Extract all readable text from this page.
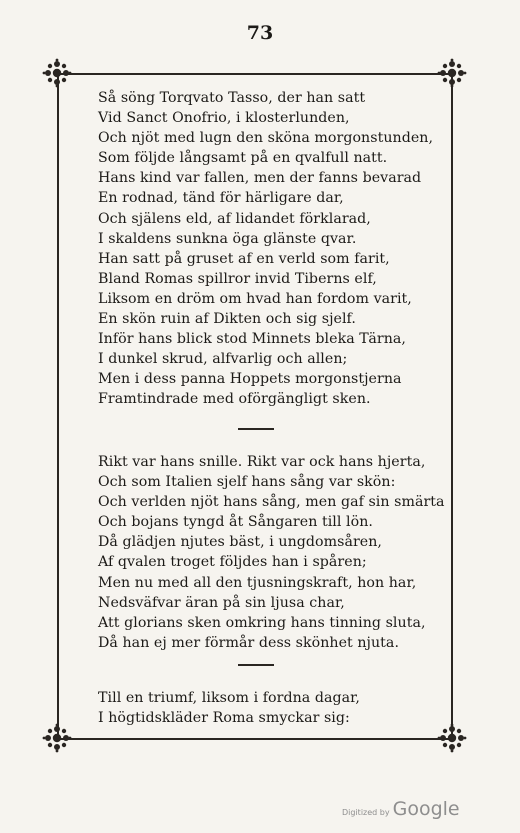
73
Så söng Torqvato Tasso, der han satt
Vid Sanct Onofrio, i klosterlunden,
Och njöt med lugn den sköna morgonstunden,
Som följde långsamt på en qvalfull natt.
Hans kind var fallen, men der fanns bevarad
En rodnad, tänd för härligare dar,
Och själens eld, af lidandet förklarad,
I skaldens sunkna öga glänste qvar.
Han satt på gruset af en verld som farit,
Bland Romas spillror invid Tiberns elf,
Liksom en dröm om hvad han fordom varit,
En skön ruin af Dikten och sig sjelf.
Inför hans blick stod Minnets bleka Tärna,
I dunkel skrud, alfvarlig och allen;
Men i dess panna Hoppets morgonstjerna
Framtindrade med oförgängligt sken.
Rikt var hans snille. Rikt var ock hans hjerta,
Och som Italien sjelf hans sång var skön:
Och verlden njöt hans sång, men gaf sin smärta
Och bojans tyngd åt Sångaren till lön.
Då glädjen njutes bäst, i ungdomsåren,
Af qvalen troget följdes han i spåren;
Men nu med all den tjusningskraft, hon har,
Nedsväfvar äran på sin ljusa char,
Att glorians sken omkring hans tinning sluta,
Då han ej mer förmår dess skönhet njuta.
Till en triumf, liksom i fordna dagar,
I högtidskläder Roma smyckar sig:
Digitized by Google
